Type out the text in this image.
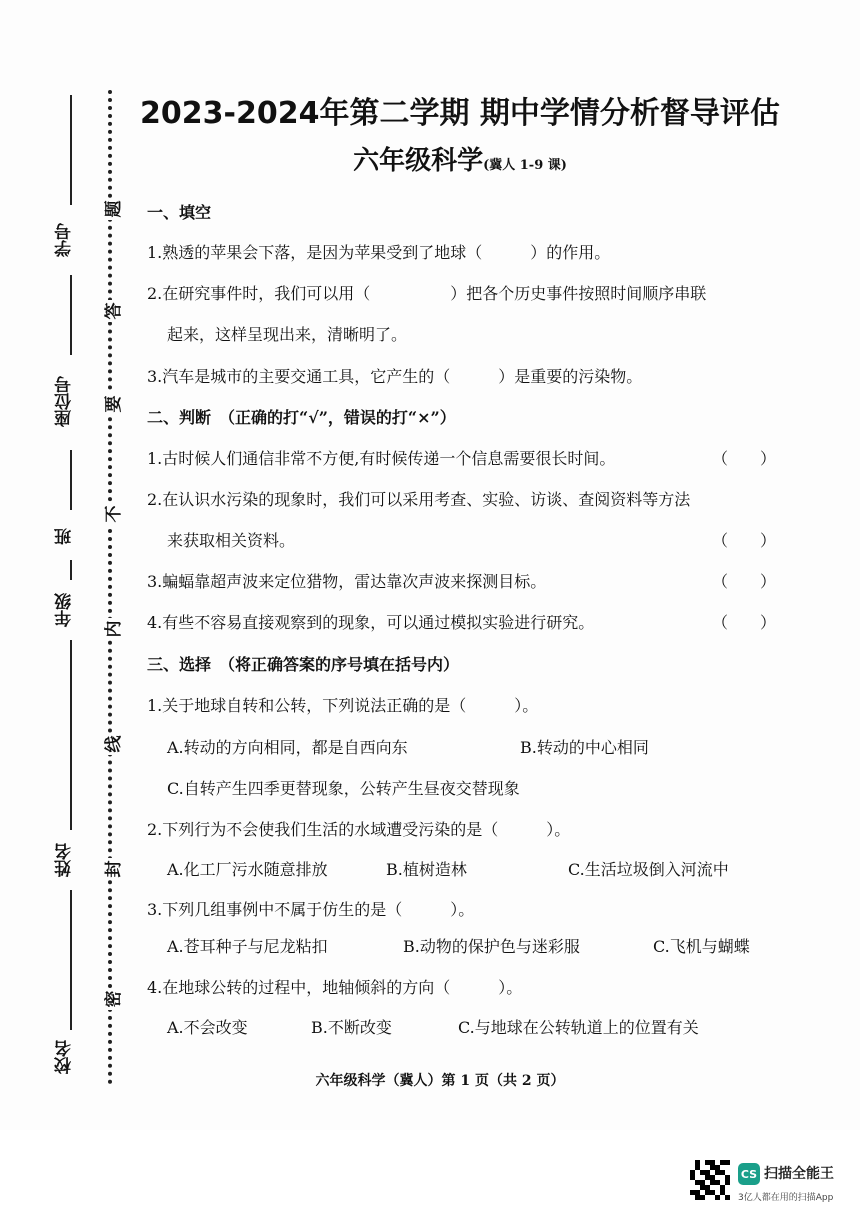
学号
座位号
班
年级
姓名
校名
题
答
要
不
内
线
封
密
2023-2024年第二学期 期中学情分析督导评估
六年级科学(冀人 1-9 课)
一、填空
1.熟透的苹果会下落，是因为苹果受到了地球（　　　）的作用。
2.在研究事件时，我们可以用（　　　　　）把各个历史事件按照时间顺序串联
起来，这样呈现出来，清晰明了。
3.汽车是城市的主要交通工具，它产生的（　　　）是重要的污染物。
二、判断　（正确的打“√”，错误的打“×”）
1.古时候人们通信非常不方便,有时候传递一个信息需要很长时间。	（　　）
2.在认识水污染的现象时，我们可以采用考查、实验、访谈、查阅资料等方法
来获取相关资料。	（　　）
3.蝙蝠靠超声波来定位猎物，雷达靠次声波来探测目标。	（　　）
4.有些不容易直接观察到的现象，可以通过模拟实验进行研究。	（　　）
三、选择　（将正确答案的序号填在括号内）
1.关于地球自转和公转，下列说法正确的是（　　　）。
A.转动的方向相同，都是自西向东	B.转动的中心相同
C.自转产生四季更替现象，公转产生昼夜交替现象
2.下列行为不会使我们生活的水域遭受污染的是（　　　）。
A.化工厂污水随意排放	B.植树造林	C.生活垃圾倒入河流中
3.下列几组事例中不属于仿生的是（　　　）。
A.苍耳种子与尼龙粘扣	B.动物的保护色与迷彩服	C.飞机与蝴蝶
4.在地球公转的过程中，地轴倾斜的方向（　　　）。
A.不会改变	B.不断改变	C.与地球在公转轨道上的位置有关
六年级科学（冀人）第 1 页（共 2 页）
CS 扫描全能王
3亿人都在用的扫描App
